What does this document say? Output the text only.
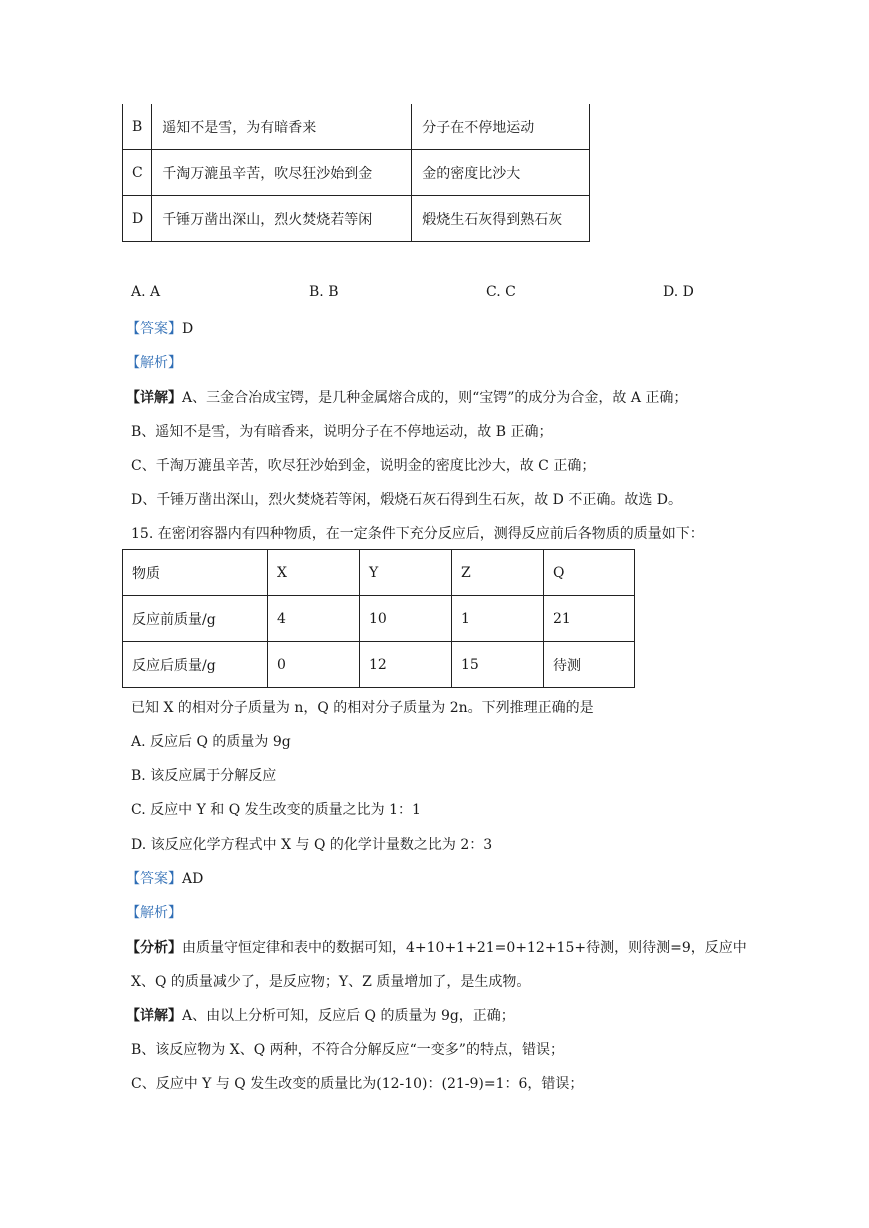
B	遥知不是雪，为有暗香来	分子在不停地运动
C	千淘万漉虽辛苦，吹尽狂沙始到金	金的密度比沙大
D	千锤万凿出深山，烈火焚烧若等闲	煅烧生石灰得到熟石灰
A. A	B. B	C. C	D. D
【答案】D
【解析】
【详解】A、三金合冶成宝锷，是几种金属熔合成的，则“宝锷”的成分为合金，故 A 正确；
B、遥知不是雪，为有暗香来，说明分子在不停地运动，故 B 正确；
C、千淘万漉虽辛苦，吹尽狂沙始到金，说明金的密度比沙大，故 C 正确；
D、千锤万凿出深山，烈火焚烧若等闲，煅烧石灰石得到生石灰，故 D 不正确。故选 D。
15. 在密闭容器内有四种物质，在一定条件下充分反应后，测得反应前后各物质的质量如下：
物质	X	Y	Z	Q
反应前质量/g	4	10	1	21
反应后质量/g	0	12	15	待测
已知 X 的相对分子质量为 n，Q 的相对分子质量为 2n。下列推理正确的是
A. 反应后 Q 的质量为 9g
B. 该反应属于分解反应
C. 反应中 Y 和 Q 发生改变的质量之比为 1：1
D. 该反应化学方程式中 X 与 Q 的化学计量数之比为 2：3
【答案】AD
【解析】
【分析】由质量守恒定律和表中的数据可知，4+10+1+21=0+12+15+待测，则待测=9，反应中
X、Q 的质量减少了，是反应物；Y、Z 质量增加了，是生成物。
【详解】A、由以上分析可知，反应后 Q 的质量为 9g，正确；
B、该反应物为 X、Q 两种，不符合分解反应“一变多”的特点，错误；
C、反应中 Y 与 Q 发生改变的质量比为(12-10)：(21-9)=1：6，错误；
